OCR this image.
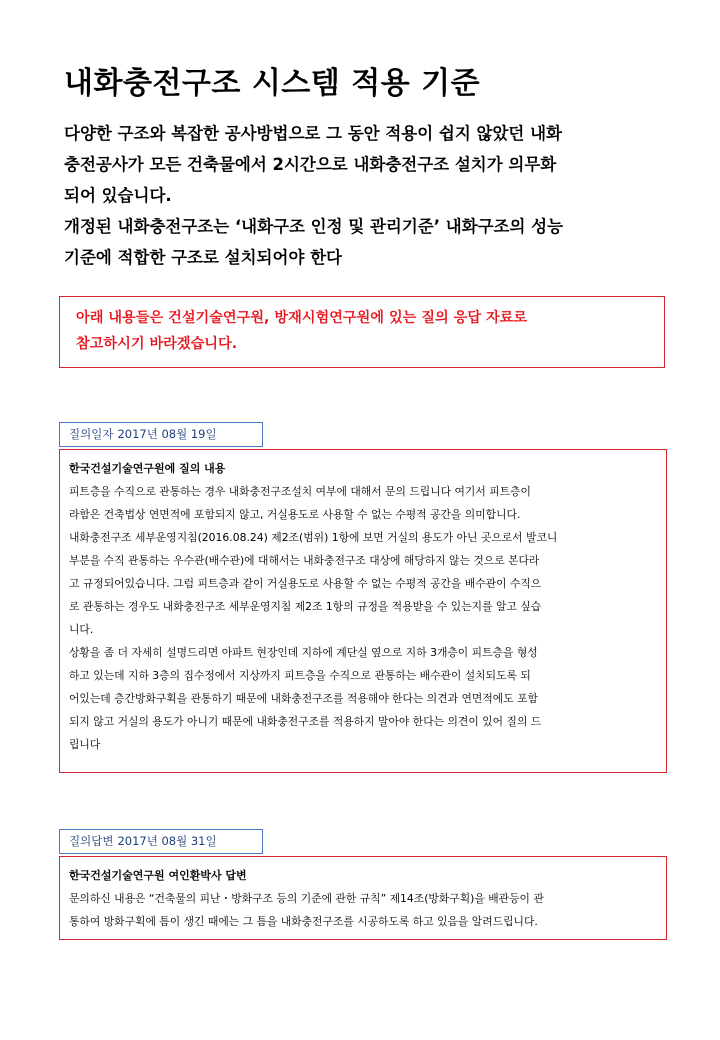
내화충전구조 시스템 적용 기준

다양한 구조와 복잡한 공사방법으로 그 동안 적용이 쉽지 않았던 내화

충전공사가 모든 건축물에서 2시간으로 내화충전구조 설치가 의무화

되어 있습니다.

개정된 내화충전구조는 ‘내화구조 인정 및 관리기준’ 내화구조의 성능

기준에 적합한 구조로 설치되어야 한다

아래 내용들은 건설기술연구원, 방재시험연구원에 있는 질의 응답 자료로

참고하시기 바라겠습니다.

질의일자 2017년 08월 19일

한국건설기술연구원에 질의 내용

피트층을 수직으로 관통하는 경우 내화충전구조설치 여부에 대해서 문의 드립니다 여기서 피트층이

라함은 건축법상 연면적에 포함되지 않고, 거실용도로 사용할 수 없는 수평적 공간을 의미합니다.

내화충전구조 세부운영지침(2016.08.24) 제2조(범위) 1항에 보면 거실의 용도가 아닌 곳으로서 발코니

부분을 수직 관통하는 우수관(배수관)에 대해서는 내화충전구조 대상에 해당하지 않는 것으로 본다라

고 규정되어있습니다. 그럼 피트층과 같이 거실용도로 사용할 수 없는 수평적 공간을 배수관이 수직으

로 관통하는 경우도 내화충전구조 세부운영지침 제2조 1항의 규정을 적용받을 수 있는지를 알고 싶습

니다.

상황을 좀 더 자세히 설명드리면 아파트 현장인데 지하에 계단실 옆으로 지하 3개층이 피트층을 형성

하고 있는데 지하 3층의 집수정에서 지상까지 피트층을 수직으로 관통하는 배수관이 설치되도록 되

어있는데 층간방화구획을 관통하기 때문에 내화충전구조를 적용해야 한다는 의견과 연면적에도 포함

되지 않고 거실의 용도가 아니기 때문에 내화충전구조를 적용하지 말아야 한다는 의견이 있어 질의 드

립니다

질의답변 2017년 08월 31일

한국건설기술연구원 여인환박사 답변

문의하신 내용은 “건축물의 피난・방화구조 등의 기준에 관한 규칙” 제14조(방화구획)을 배관등이 관

통하여 방화구획에 틈이 생긴 때에는 그 틈을 내화충전구조를 시공하도록 하고 있음을 알려드립니다.
